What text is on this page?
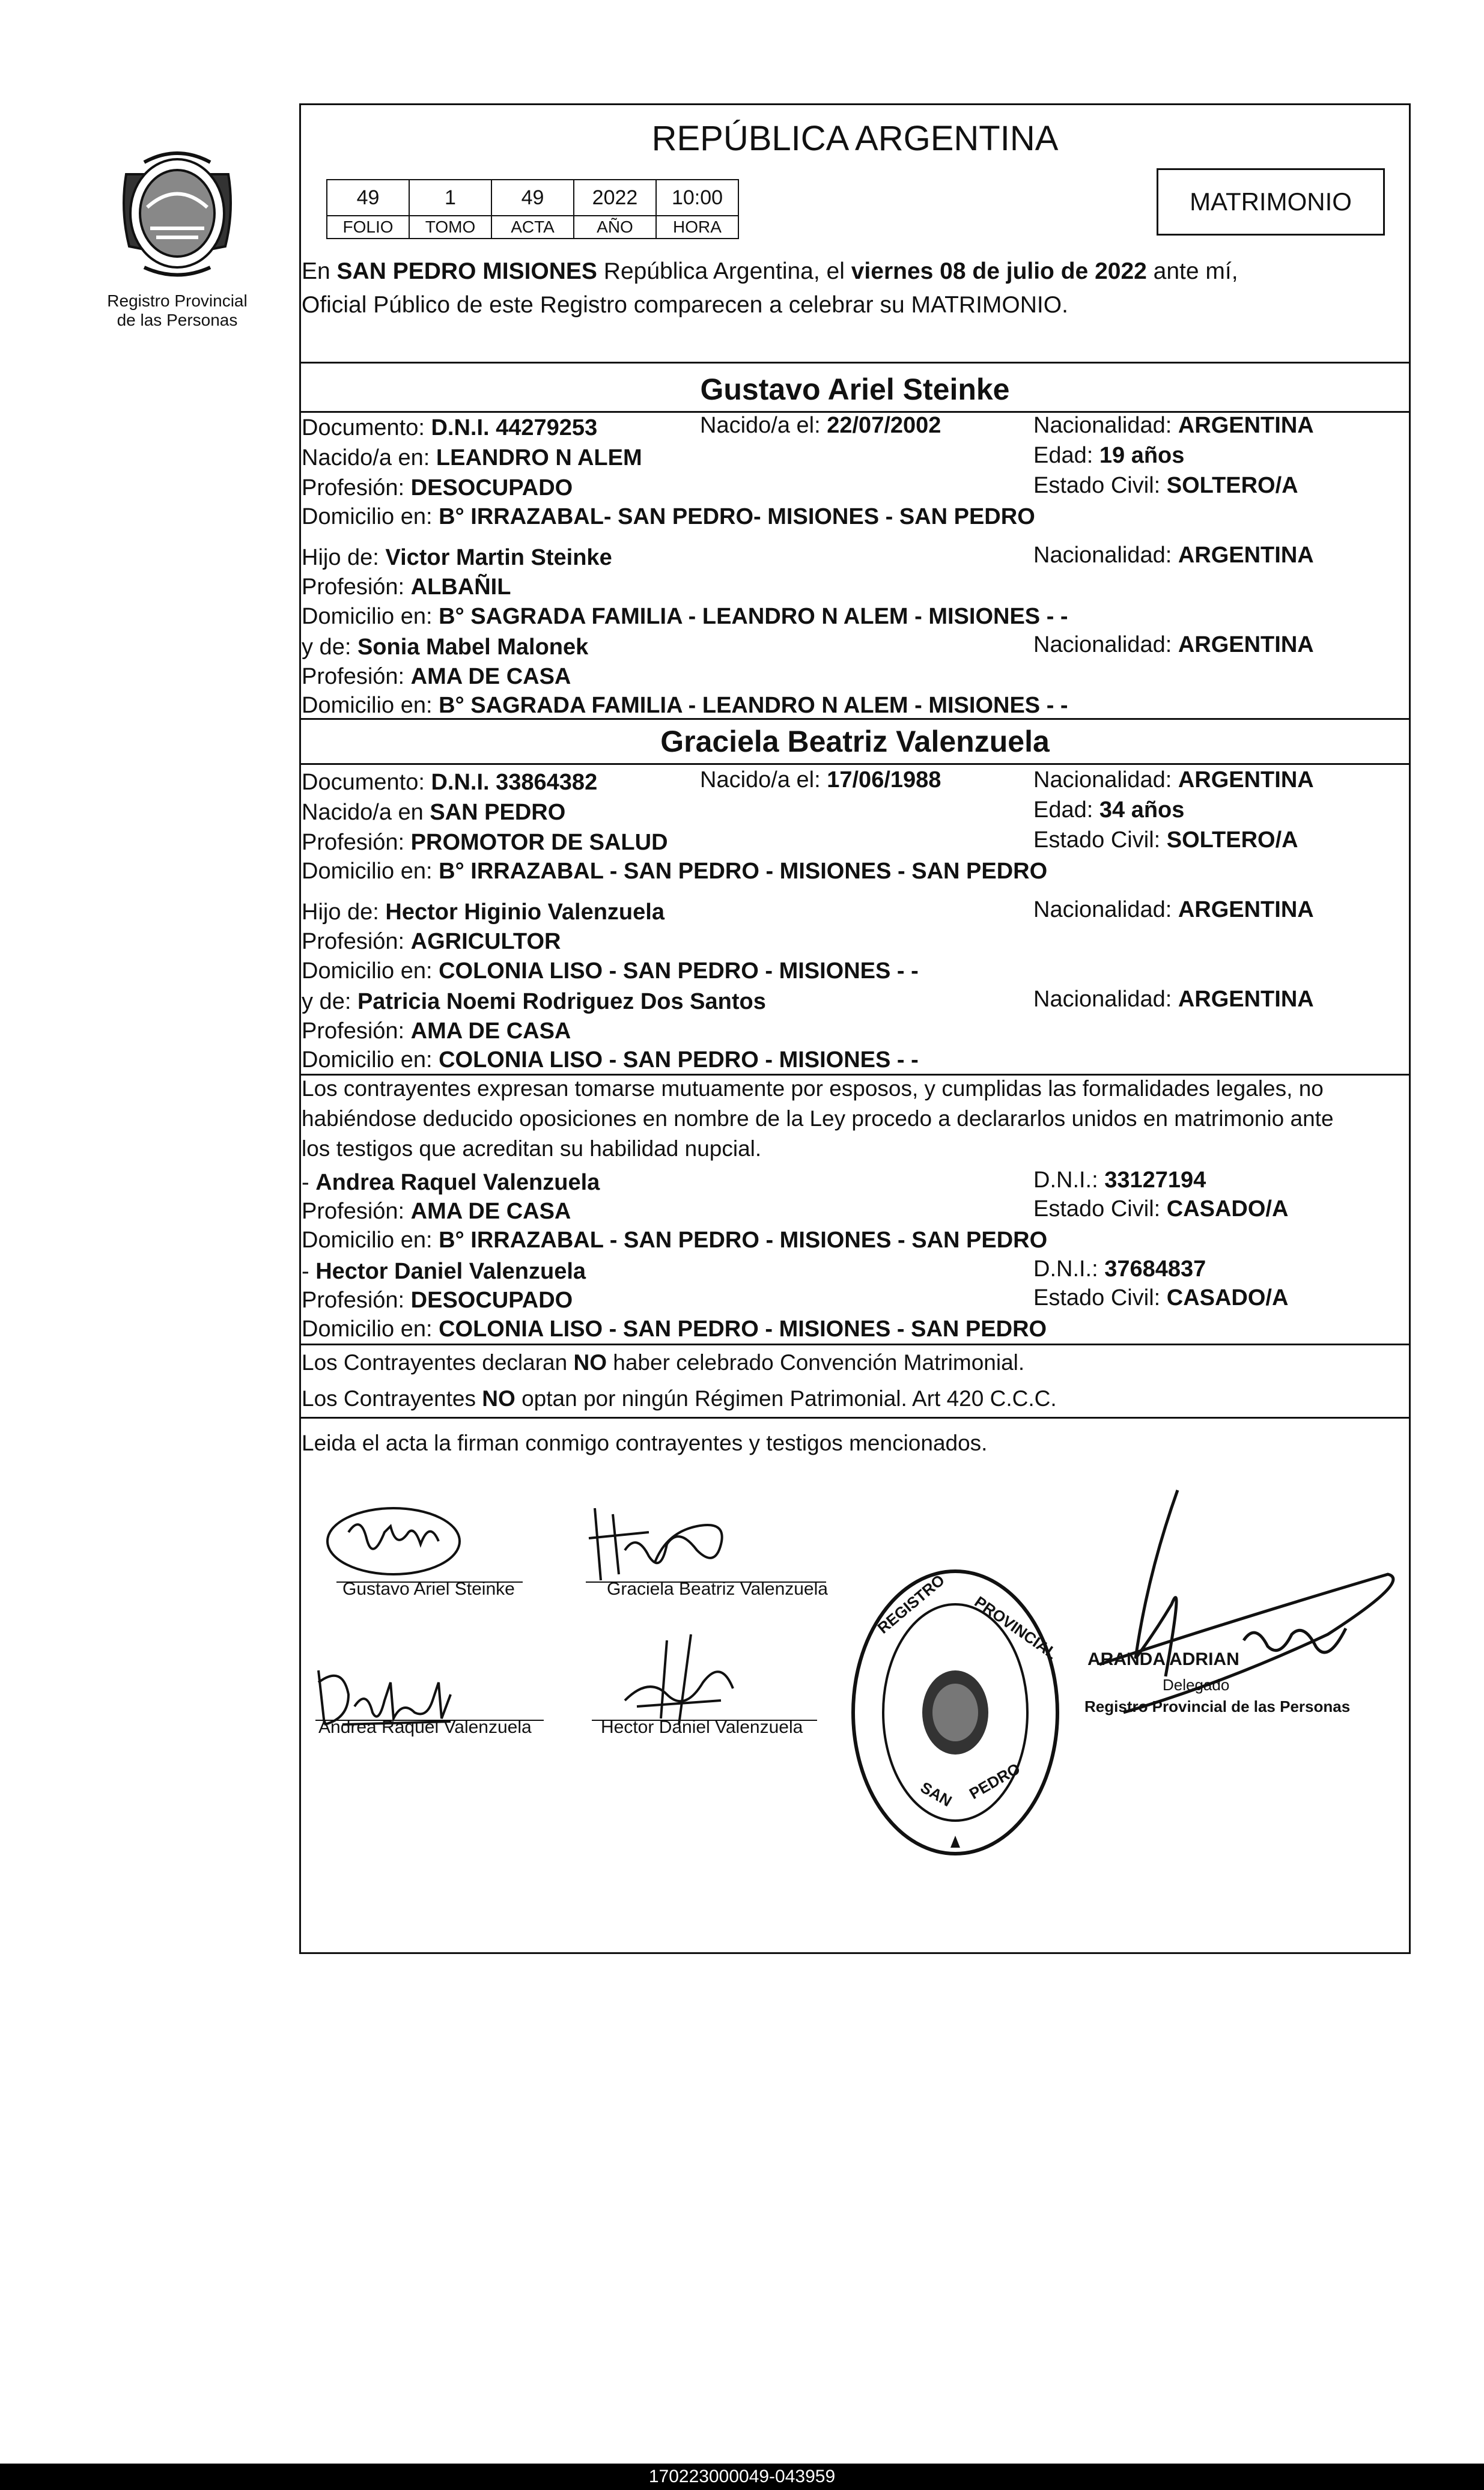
Registro Provincial
de las Personas
REPÚBLICA ARGENTINA
49	1	49	2022	10:00
FOLIO	TOMO	ACTA	AÑO	HORA
MATRIMONIO
En SAN PEDRO MISIONES República Argentina, el viernes 08 de julio de 2022 ante mí,
Oficial Público de este Registro comparecen a celebrar su MATRIMONIO.
Gustavo Ariel Steinke
Documento: D.N.I. 44279253	Nacido/a el: 22/07/2002	Nacionalidad: ARGENTINA
Nacido/a en: LEANDRO N ALEM	Edad: 19 años
Profesión: DESOCUPADO	Estado Civil: SOLTERO/A
Domicilio en: B° IRRAZABAL- SAN PEDRO- MISIONES - SAN PEDRO
Hijo de: Victor Martin Steinke	Nacionalidad: ARGENTINA
Profesión: ALBAÑIL
Domicilio en: B° SAGRADA FAMILIA - LEANDRO N ALEM - MISIONES - -
y de: Sonia Mabel Malonek	Nacionalidad: ARGENTINA
Profesión: AMA DE CASA
Domicilio en: B° SAGRADA FAMILIA - LEANDRO N ALEM - MISIONES - -
Graciela Beatriz Valenzuela
Documento: D.N.I. 33864382	Nacido/a el: 17/06/1988	Nacionalidad: ARGENTINA
Nacido/a en SAN PEDRO	Edad: 34 años
Profesión: PROMOTOR DE SALUD	Estado Civil: SOLTERO/A
Domicilio en: B° IRRAZABAL - SAN PEDRO - MISIONES - SAN PEDRO
Hijo de: Hector Higinio Valenzuela	Nacionalidad: ARGENTINA
Profesión: AGRICULTOR
Domicilio en: COLONIA LISO - SAN PEDRO - MISIONES - -
y de: Patricia Noemi Rodriguez Dos Santos	Nacionalidad: ARGENTINA
Profesión: AMA DE CASA
Domicilio en: COLONIA LISO - SAN PEDRO - MISIONES - -
Los contrayentes expresan tomarse mutuamente por esposos, y cumplidas las formalidades legales, no
habiéndose deducido oposiciones en nombre de la Ley procedo a declararlos unidos en matrimonio ante
los testigos que acreditan su habilidad nupcial.
- Andrea Raquel Valenzuela	D.N.I.: 33127194
Profesión: AMA DE CASA	Estado Civil: CASADO/A
Domicilio en: B° IRRAZABAL - SAN PEDRO - MISIONES - SAN PEDRO
- Hector Daniel Valenzuela	D.N.I.: 37684837
Profesión: DESOCUPADO	Estado Civil: CASADO/A
Domicilio en: COLONIA LISO - SAN PEDRO - MISIONES - SAN PEDRO
Los Contrayentes declaran NO haber celebrado Convención Matrimonial.
Los Contrayentes NO optan por ningún Régimen Patrimonial. Art 420 C.C.C.
Leida el acta la firman conmigo contrayentes y testigos mencionados.
Gustavo Ariel Steinke	Graciela Beatriz Valenzuela
Andrea Raquel Valenzuela	Hector Daniel Valenzuela
REGISTRO PROVINCIAL
SAN PEDRO
ARANDA ADRIAN
Delegado
Registro Provincial de las Personas
170223000049-043959
